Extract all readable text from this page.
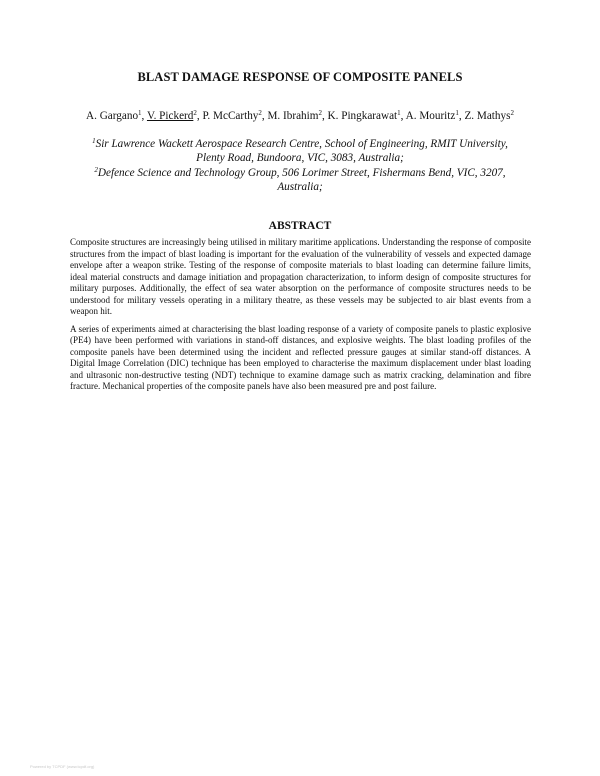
BLAST DAMAGE RESPONSE OF COMPOSITE PANELS
A. Gargano$^1$, V. Pickerd$^2$, P. McCarthy$^2$, M. Ibrahim$^2$, K. Pingkarawat$^1$, A. Mouritz$^1$, Z. Mathys$^2$
$^1$Sir Lawrence Wackett Aerospace Research Centre, School of Engineering, RMIT University,
Plenty Road, Bundoora, VIC, 3083, Australia;
$^2$Defence Science and Technology Group, 506 Lorimer Street, Fishermans Bend, VIC, 3207,
Australia;
ABSTRACT

Composite structures are increasingly being utilised in military maritime applications. Understanding the response of composite structures from the impact of blast loading is important for the evaluation of the vulnerability of vessels and expected damage envelope after a weapon strike. Testing of the response of composite materials to blast loading can determine failure limits, ideal material constructs and damage initiation and propagation characterization, to inform design of composite structures for military purposes. Additionally, the effect of sea water absorption on the performance of composite structures needs to be understood for military vessels operating in a military theatre, as these vessels may be subjected to air blast events from a weapon hit.

A series of experiments aimed at characterising the blast loading response of a variety of composite panels to plastic explosive (PE4) have been performed with variations in stand-off distances, and explosive weights. The blast loading profiles of the composite panels have been determined using the incident and reflected pressure gauges at similar stand-off distances. A Digital Image Correlation (DIC) technique has been employed to characterise the maximum displacement under blast loading and ultrasonic non-destructive testing (NDT) technique to examine damage such as matrix cracking, delamination and fibre fracture. Mechanical properties of the composite panels have also been measured pre and post failure.

Powered by TCPDF (www.tcpdf.org)
